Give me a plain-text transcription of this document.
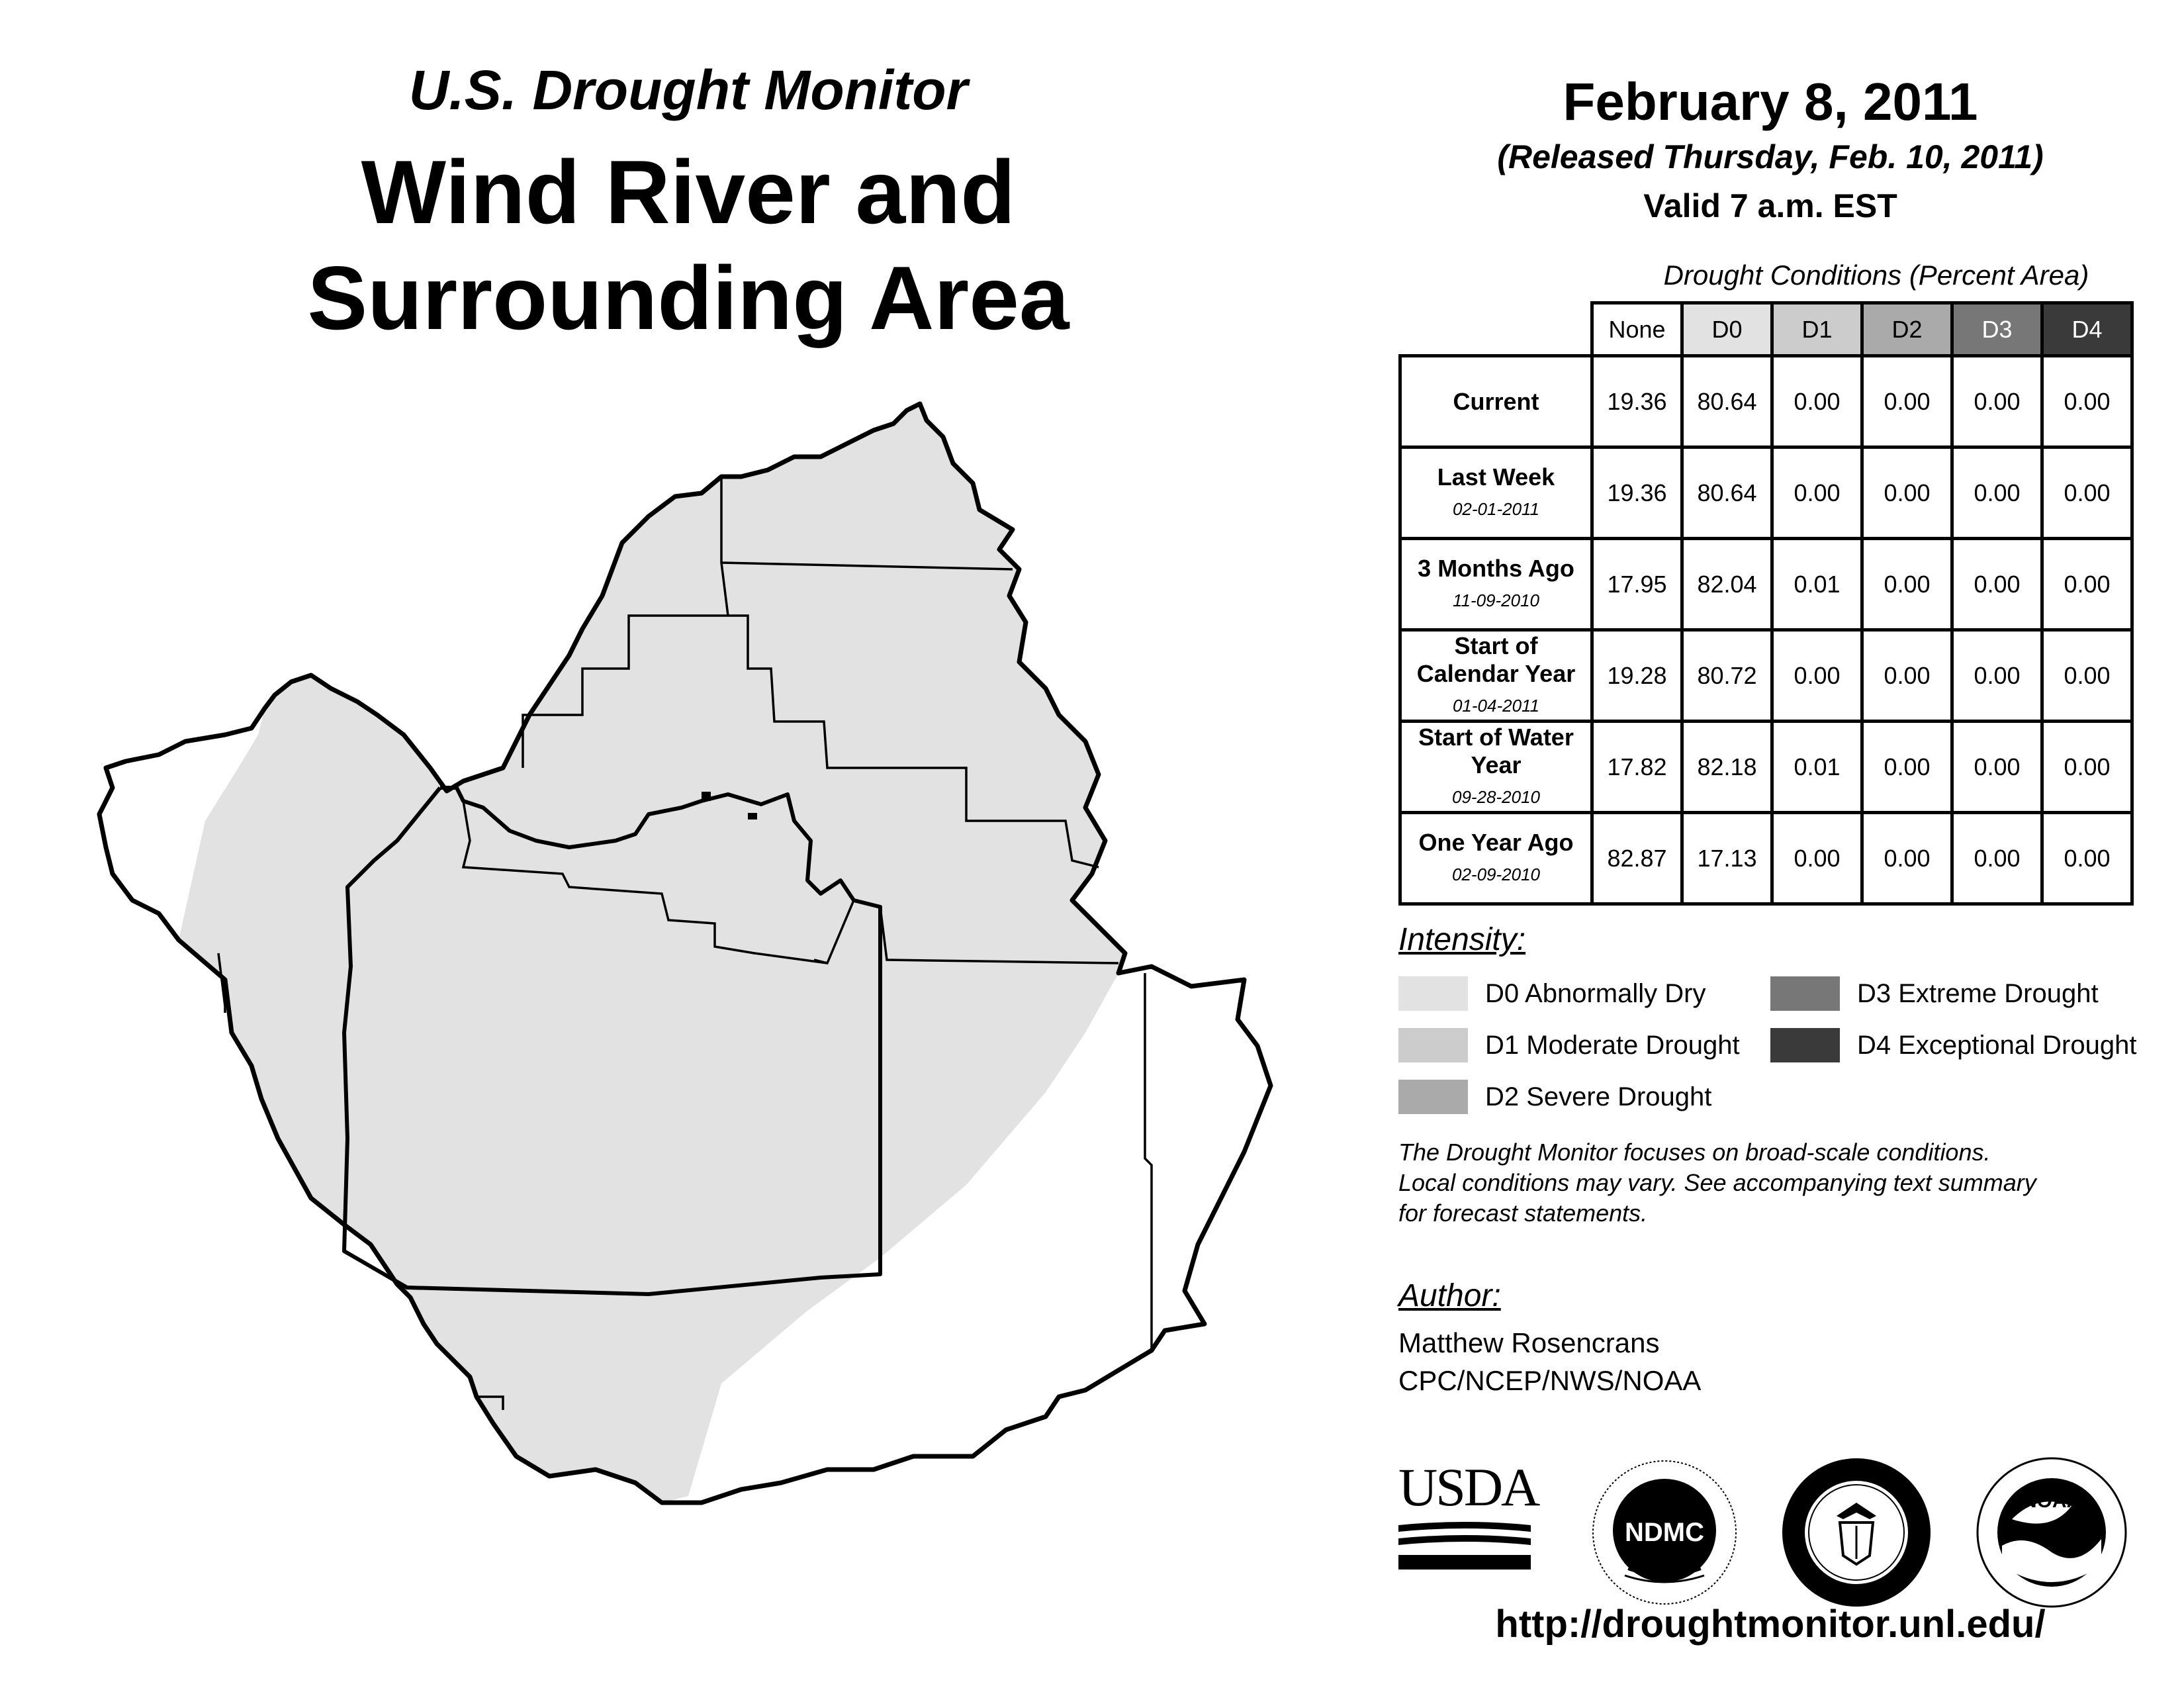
U.S. Drought Monitor
Wind River and
Surrounding Area
February 8, 2011
(Released Thursday, Feb. 10, 2011)
Valid 7 a.m. EST
Drought Conditions (Percent Area)
	None	D0	D1	D2	D3	D4
Current	19.36	80.64	0.00	0.00	0.00	0.00
Last Week
02-01-2011	19.36	80.64	0.00	0.00	0.00	0.00
3 Months Ago
11-09-2010	17.95	82.04	0.01	0.00	0.00	0.00
Start of Calendar Year
01-04-2011	19.28	80.72	0.00	0.00	0.00	0.00
Start of Water Year
09-28-2010	17.82	82.18	0.01	0.00	0.00	0.00
One Year Ago
02-09-2010	82.87	17.13	0.00	0.00	0.00	0.00
Intensity:
D0 Abnormally Dry
D1 Moderate Drought
D2 Severe Drought
D3 Extreme Drought
D4 Exceptional Drought
The Drought Monitor focuses on broad-scale conditions.
Local conditions may vary. See accompanying text summary
for forecast statements.
Author:
Matthew Rosencrans
CPC/NCEP/NWS/NOAA
USDA
NDMC
NOAA
http://droughtmonitor.unl.edu/
